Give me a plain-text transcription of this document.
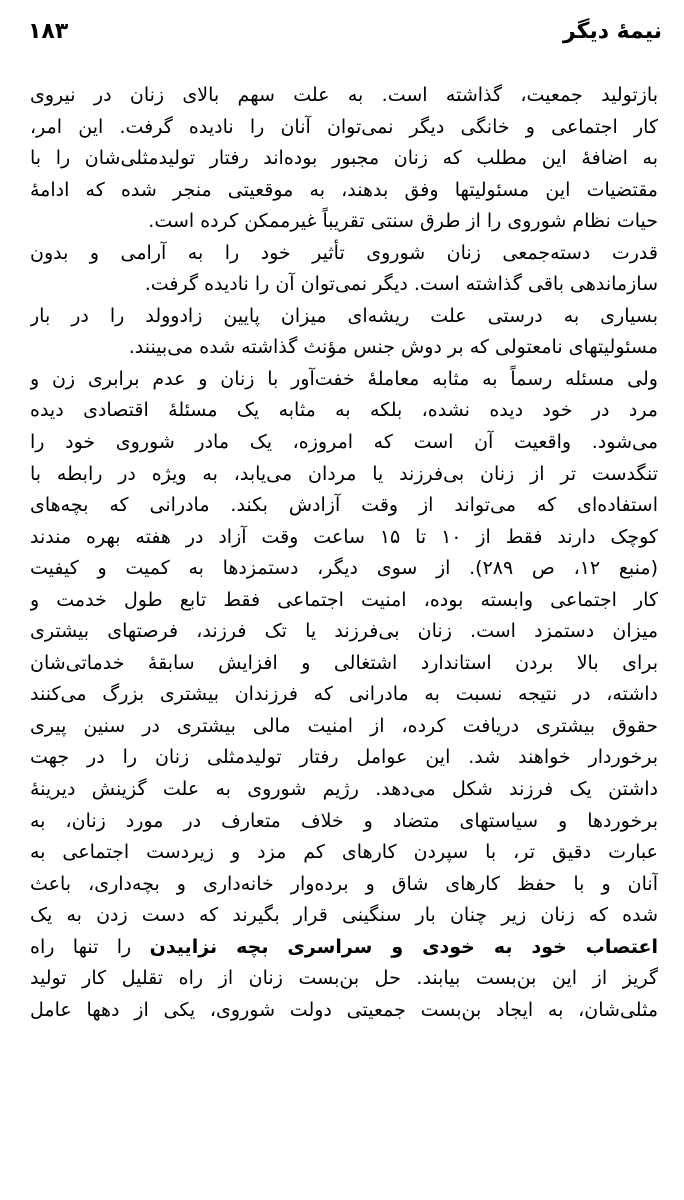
نیمهٔ دیگر
۱۸۳
بازتولید جمعیت، گذاشته است. به علت سهم بالای زنان در نیروی
کار اجتماعی و خانگی دیگر نمی‌توان آنان را نادیده گرفت. این امر،
به اضافهٔ این مطلب که زنان مجبور بوده‌اند رفتار تولیدمثلی‌شان را با
مقتضیات این مسئولیتها وفق بدهند، به موقعیتی منجر شده که ادامهٔ
حیات نظام شوروی را از طرق سنتی تقریباً غیرممکن کرده است.
قدرت دسته‌جمعی زنان شوروی تأثیر خود را به آرامی و بدون
سازماندهی باقی گذاشته است. دیگر نمی‌توان آن را نادیده گرفت.
بسیاری به درستی علت ریشه‌ای میزان پایین زادوولد را در بار
مسئولیتهای نامعتولی که بر دوش جنس مؤنث گذاشته شده می‌بینند.
ولی مسئله رسماً به مثابه معاملهٔ خفت‌آور با زنان و عدم برابری زن و
مرد در خود دیده نشده، بلکه به مثابه یک مسئلهٔ اقتصادی دیده
می‌شود. واقعیت آن است که امروزه، یک مادر شوروی خود را
تنگدست تر از زنان بی‌فرزند یا مردان می‌یابد، به ویژه در رابطه با
استفاده‌ای که می‌تواند از وقت آزادش بکند. مادرانی که بچه‌های
کوچک دارند فقط از ۱۰ تا ۱۵ ساعت وقت آزاد در هفته بهره مندند
(منبع ۱۲، ص ۲۸۹). از سوی دیگر، دستمزدها به کمیت و کیفیت
کار اجتماعی وابسته بوده، امنیت اجتماعی فقط تابع طول خدمت و
میزان دستمزد است. زنان بی‌فرزند یا تک فرزند، فرصتهای بیشتری
برای بالا بردن استاندارد اشتغالی و افزایش سابقهٔ خدماتی‌شان
داشته، در نتیجه نسبت به مادرانی که فرزندان بیشتری بزرگ می‌کنند
حقوق بیشتری دریافت کرده، از امنیت مالی بیشتری در سنین پیری
برخوردار خواهند شد. این عوامل رفتار تولیدمثلی زنان را در جهت
داشتن یک فرزند شکل می‌دهد. رژیم شوروی به علت گزینش دیرینهٔ
برخوردها و سیاستهای متضاد و خلاف متعارف در مورد زنان، به
عبارت دقیق تر، با سپردن کارهای کم مزد و زیردست اجتماعی به
آنان و با حفظ کارهای شاق و برده‌وار خانه‌داری و بچه‌داری، باعث
شده که زنان زیر چنان بار سنگینی قرار بگیرند که دست زدن به یک
اعتصاب خود به خودی و سراسری بچه نزاییدن را تنها راه
گریز از این بن‌بست بیابند. حل بن‌بست زنان از راه تقلیل کار تولید
مثلی‌شان، به ایجاد بن‌بست جمعیتی دولت شوروی، یکی از دهها عامل
